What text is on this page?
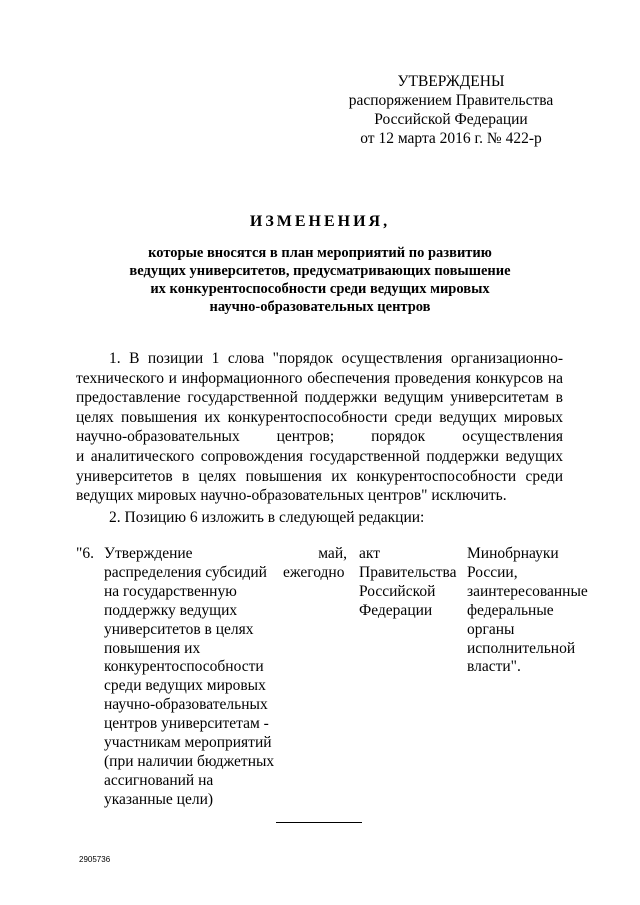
УТВЕРЖДЕНЫ
распоряжением Правительства
Российской Федерации
от 12 марта 2016 г. № 422-р
ИЗМЕНЕНИЯ,
которые вносятся в план мероприятий по развитию
ведущих университетов, предусматривающих повышение
их конкурентоспособности среди ведущих мировых
научно-образовательных центров
1. В позиции 1 слова "порядок осуществления организационно-
технического и информационного обеспечения проведения конкурсов на
предоставление государственной поддержки ведущим университетам в
целях повышения их конкурентоспособности среди ведущих мировых
научно-образовательных центров; порядок осуществления
и аналитического сопровождения государственной поддержки ведущих
университетов в целях повышения их конкурентоспособности среди
ведущих мировых научно-образовательных центров" исключить.
2. Позицию 6 изложить в следующей редакции:
"6. Утверждение
распределения субсидий
на государственную
поддержку ведущих
университетов в целях
повышения их
конкурентоспособности
среди ведущих мировых
научно-образовательных
центров университетам -
участникам мероприятий
(при наличии бюджетных
ассигнований на
указанные цели)
май,
ежегодно
акт
Правительства
Российской
Федерации
Минобрнауки
России,
заинтересованные
федеральные
органы
исполнительной
власти".
2905736
